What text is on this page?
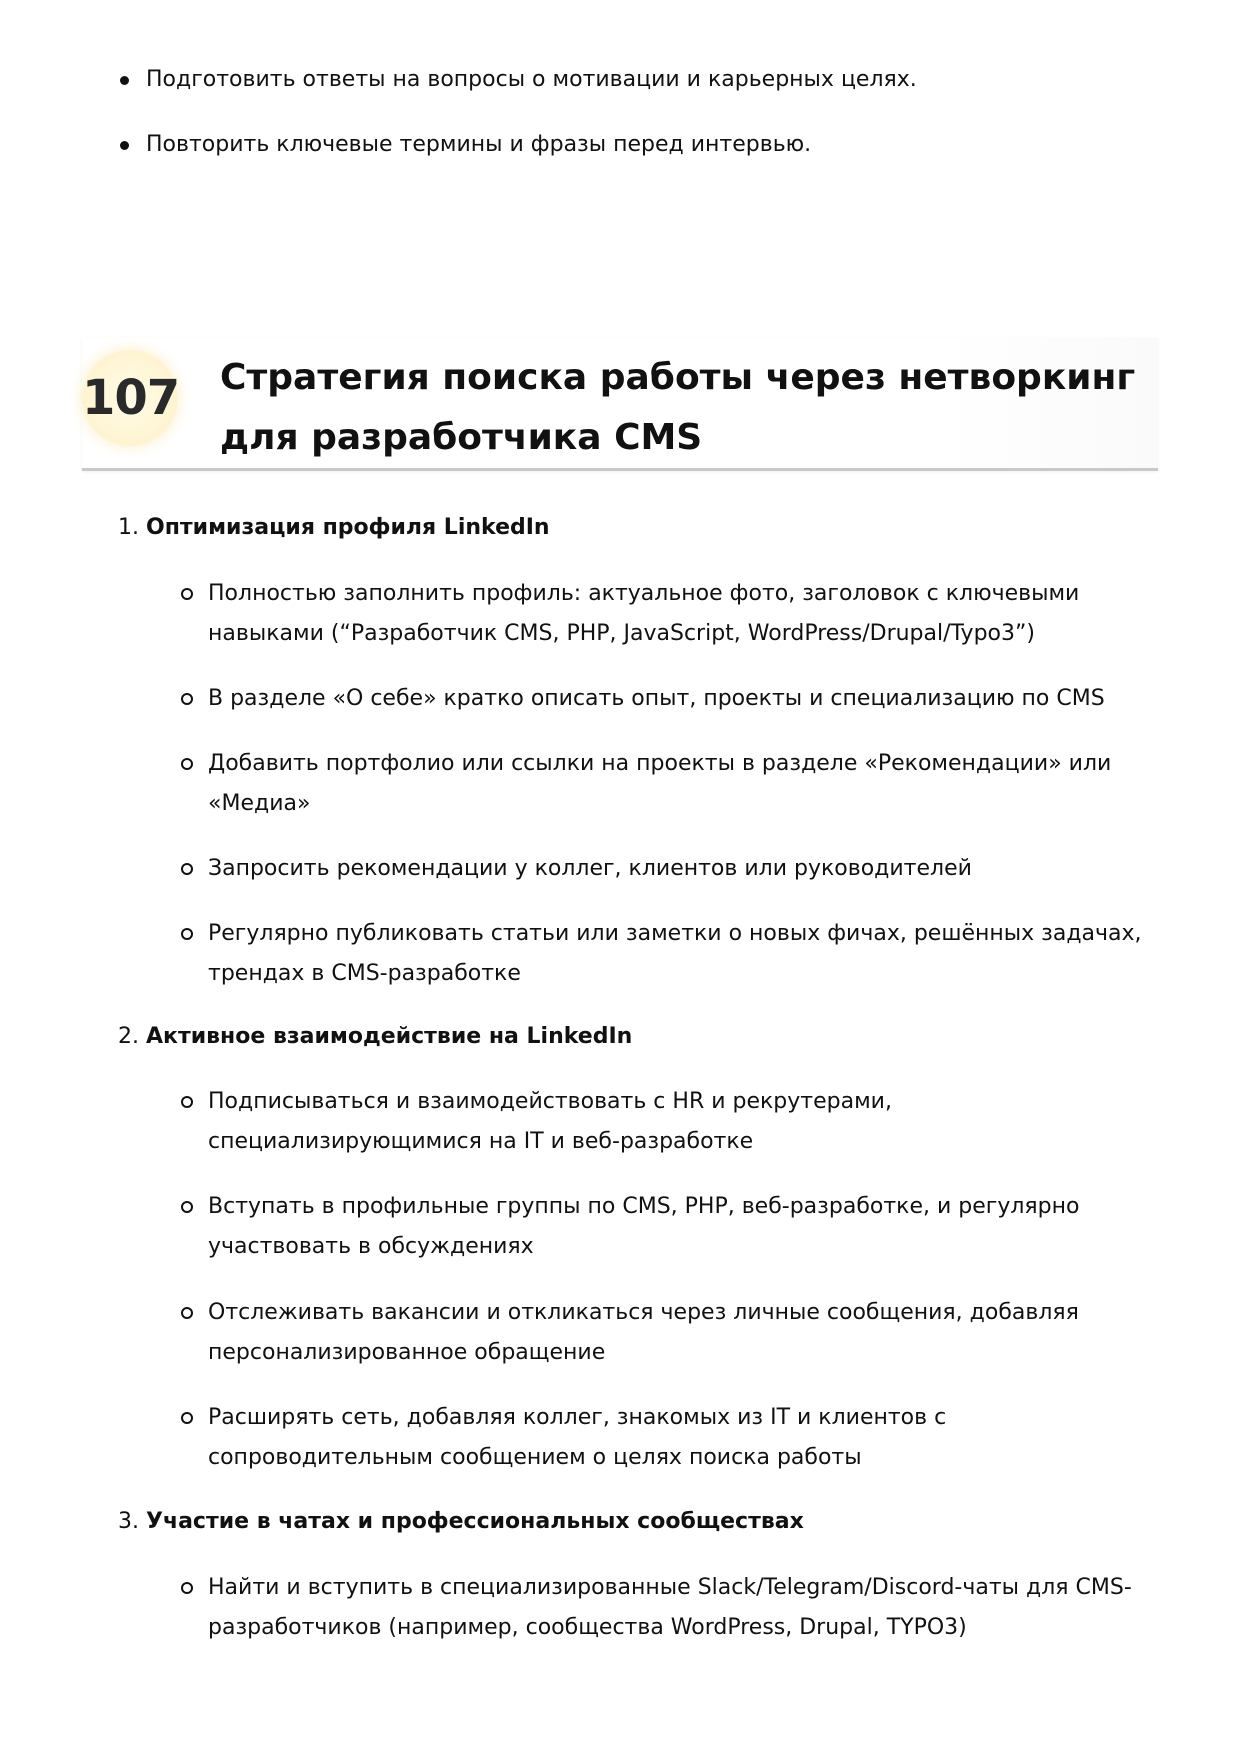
Подготовить ответы на вопросы о мотивации и карьерных целях.
Повторить ключевые термины и фразы перед интервью.
107 Стратегия поиска работы через нетворкинг для разработчика CMS
1. Оптимизация профиля LinkedIn
Полностью заполнить профиль: актуальное фото, заголовок с ключевыми навыками (“Разработчик CMS, PHP, JavaScript, WordPress/Drupal/Typo3”)
В разделе «О себе» кратко описать опыт, проекты и специализацию по CMS
Добавить портфолио или ссылки на проекты в разделе «Рекомендации» или «Медиа»
Запросить рекомендации у коллег, клиентов или руководителей
Регулярно публиковать статьи или заметки о новых фичах, решённых задачах, трендах в CMS-разработке
2. Активное взаимодействие на LinkedIn
Подписываться и взаимодействовать с HR и рекрутерами, специализирующимися на IT и веб-разработке
Вступать в профильные группы по CMS, PHP, веб-разработке, и регулярно участвовать в обсуждениях
Отслеживать вакансии и откликаться через личные сообщения, добавляя персонализированное обращение
Расширять сеть, добавляя коллег, знакомых из IT и клиентов с сопроводительным сообщением о целях поиска работы
3. Участие в чатах и профессиональных сообществах
Найти и вступить в специализированные Slack/Telegram/Discord-чаты для CMS-разработчиков (например, сообщества WordPress, Drupal, TYPO3)
